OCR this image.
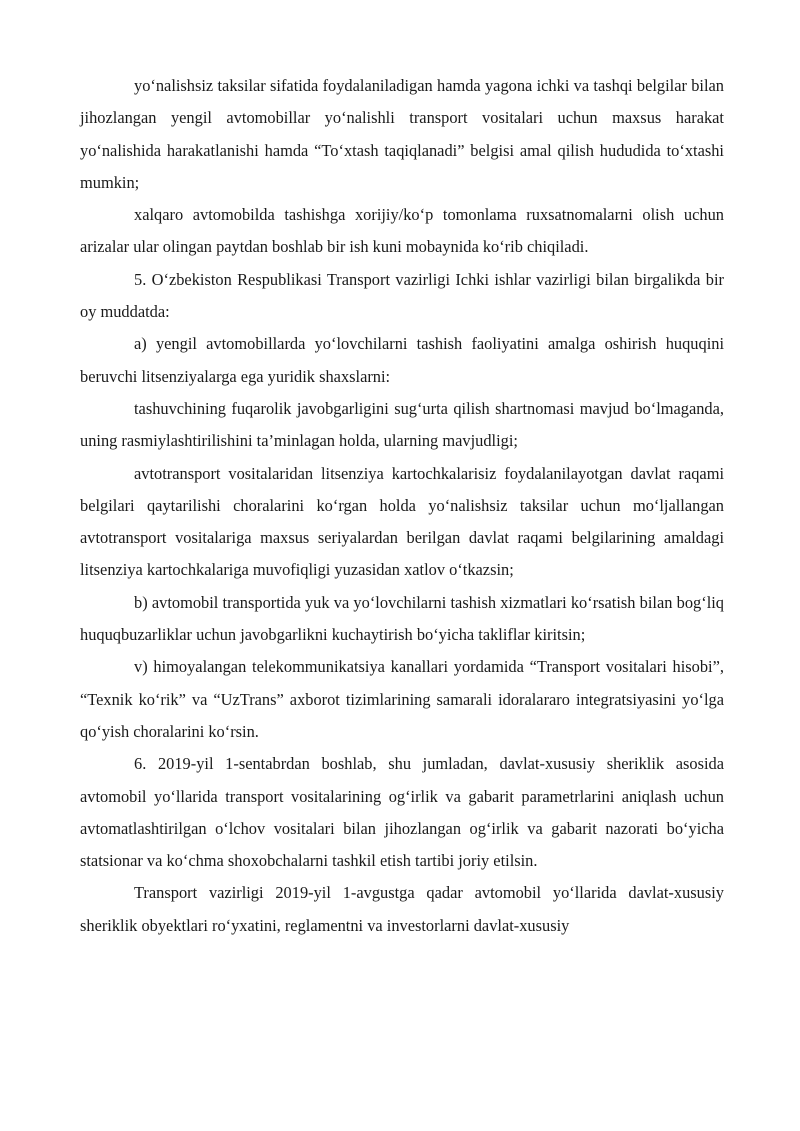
yo‘nalishsiz taksilar sifatida foydalaniladigan hamda yagona ichki va tashqi belgilar bilan jihozlangan yengil avtomobillar yo‘nalishli transport vositalari uchun maxsus harakat yo‘nalishida harakatlanishi hamda “To‘xtash taqiqlanadi” belgisi amal qilish hududida to‘xtashi mumkin;

xalqaro avtomobilda tashishga xorijiy/ko‘p tomonlama ruxsatnomalarni olish uchun arizalar ular olingan paytdan boshlab bir ish kuni mobaynida ko‘rib chiqiladi.

5. O‘zbekiston Respublikasi Transport vazirligi Ichki ishlar vazirligi bilan birgalikda bir oy muddatda:

a) yengil avtomobillarda yo‘lovchilarni tashish faoliyatini amalga oshirish huquqini beruvchi litsenziyalarga ega yuridik shaxslarni:

tashuvchining fuqarolik javobgarligini sug‘urta qilish shartnomasi mavjud bo‘lmaganda, uning rasmiylashtirilishini ta’minlagan holda, ularning mavjudligi;

avtotransport vositalaridan litsenziya kartochkalarisiz foydalanilayotgan davlat raqami belgilari qaytarilishi choralarini ko‘rgan holda yo‘nalishsiz taksilar uchun mo‘ljallangan avtotransport vositalariga maxsus seriyalardan berilgan davlat raqami belgilarining amaldagi litsenziya kartochkalariga muvofiqligi yuzasidan xatlov o‘tkazsin;

b) avtomobil transportida yuk va yo‘lovchilarni tashish xizmatlari ko‘rsatish bilan bog‘liq huquqbuzarliklar uchun javobgarlikni kuchaytirish bo‘yicha takliflar kiritsin;

v) himoyalangan telekommunikatsiya kanallari yordamida “Transport vositalari hisobi”, “Texnik ko‘rik” va “UzTrans” axborot tizimlarining samarali idoralararo integratsiyasini yo‘lga qo‘yish choralarini ko‘rsin.

6. 2019-yil 1-sentabrdan boshlab, shu jumladan, davlat-xususiy sheriklik asosida avtomobil yo‘llarida transport vositalarining og‘irlik va gabarit parametrlarini aniqlash uchun avtomatlashtirilgan o‘lchov vositalari bilan jihozlangan og‘irlik va gabarit nazorati bo‘yicha statsionar va ko‘chma shoxobchalarni tashkil etish tartibi joriy etilsin.

Transport vazirligi 2019-yil 1-avgustga qadar avtomobil yo‘llarida davlat-xususiy sheriklik obyektlari ro‘yxatini, reglamentni va investorlarni davlat-xususiy
